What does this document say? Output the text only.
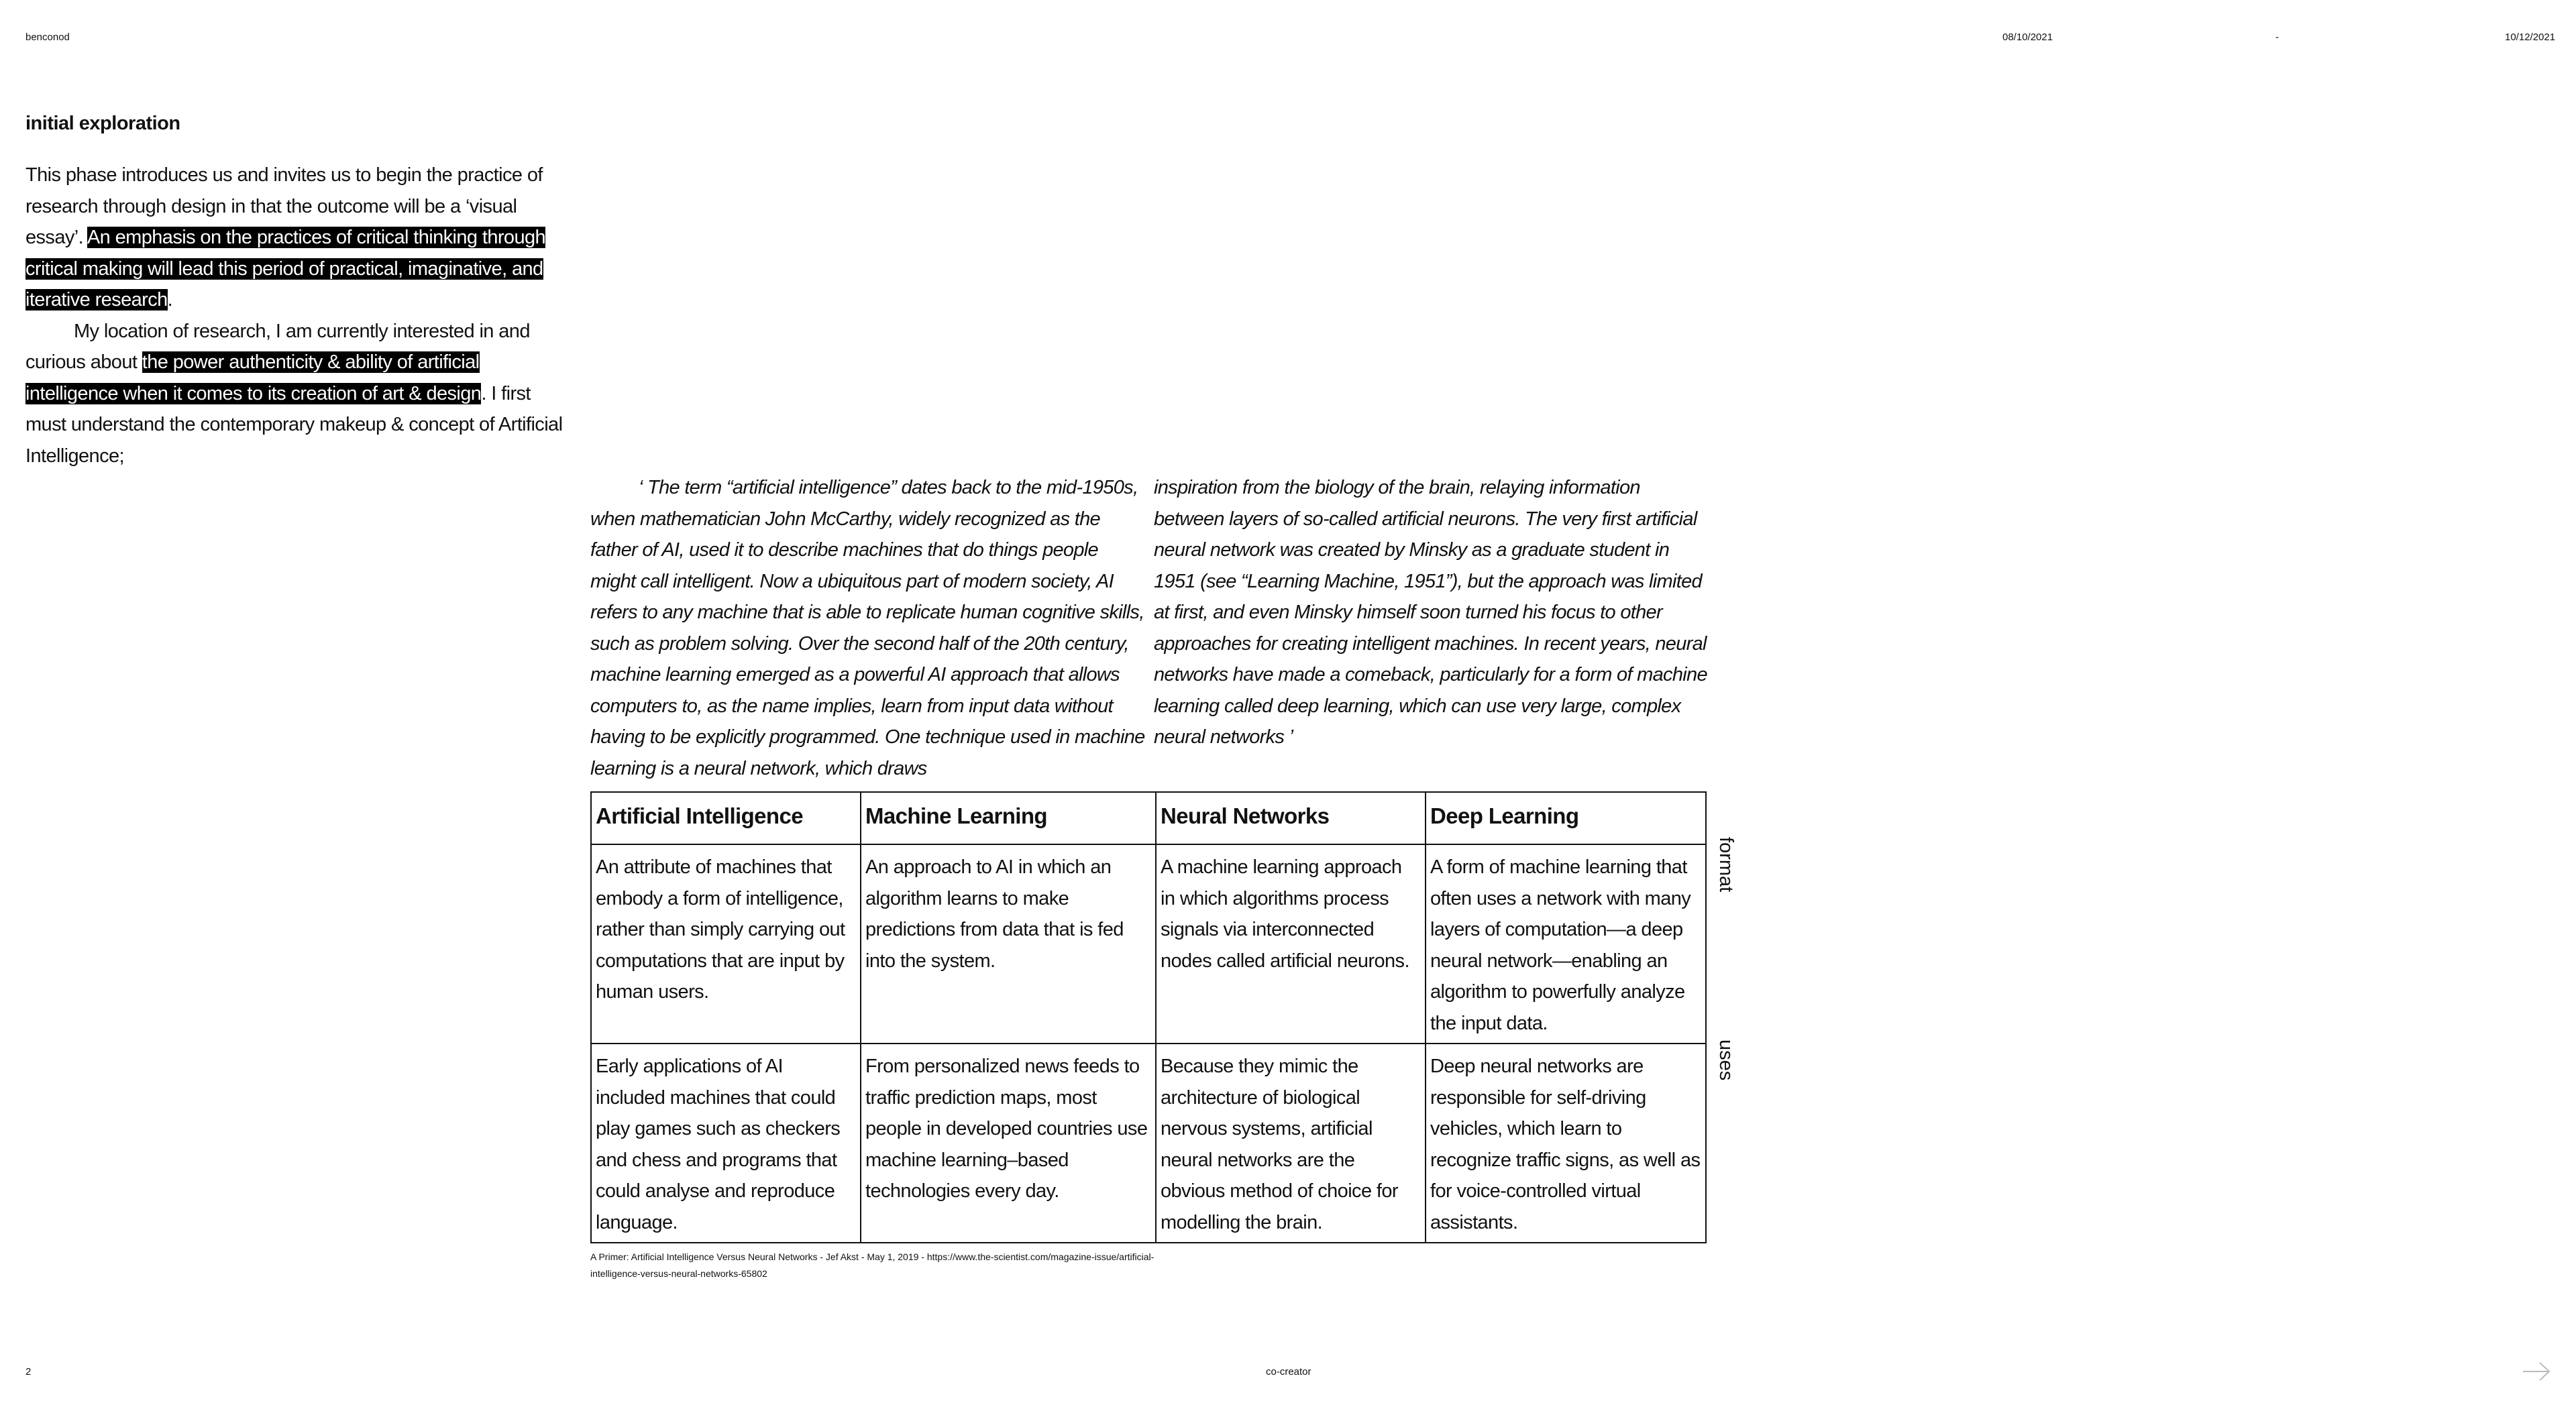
benconod	08/10/2021	-	10/12/2021
initial exploration
This phase introduces us and invites us to begin the practice of research through design in that the outcome will be a ‘visual essay’. An emphasis on the practices of critical thinking through critical making will lead this period of practical, imaginative, and iterative research.
My location of research, I am currently interested in and curious about the power authenticity & ability of artificial intelligence when it comes to its creation of art & design. I first must understand the contemporary makeup & concept of Artificial Intelligence;
‘ The term “artificial intelligence” dates back to the mid-1950s, when mathematician John McCarthy, widely recognized as the father of AI, used it to describe machines that do things people might call intelligent. Now a ubiquitous part of modern society, AI refers to any machine that is able to replicate human cognitive skills, such as problem solving. Over the second half of the 20th century, machine learning emerged as a powerful AI approach that allows computers to, as the name implies, learn from input data without having to be explicitly programmed. One technique used in machine learning is a neural network, which draws
inspiration from the biology of the brain, relaying information between layers of so-called artificial neurons. The very first artificial neural network was created by Minsky as a graduate student in 1951 (see “Learning Machine, 1951”), but the approach was limited at first, and even Minsky himself soon turned his focus to other approaches for creating intelligent machines. In recent years, neural networks have made a comeback, particularly for a form of machine learning called deep learning, which can use very large, complex neural networks ’
Artificial Intelligence	Machine Learning	Neural Networks	Deep Learning
An attribute of machines that embody a form of intelligence, rather than simply carrying out computations that are input by human users.	An approach to AI in which an algorithm learns to make predictions from data that is fed into the system.	A machine learning approach in which algorithms process signals via interconnected nodes called artificial neurons.	A form of machine learning that often uses a network with many layers of computation—a deep neural network—enabling an algorithm to powerfully analyze the input data.
Early applications of AI included machines that could play games such as checkers and chess and programs that could analyse and reproduce language.	From personalized news feeds to traffic prediction maps, most people in developed countries use machine learning–based technologies every day.	Because they mimic the architecture of biological nervous systems, artificial neural networks are the obvious method of choice for modelling the brain.	Deep neural networks are responsible for self-driving vehicles, which learn to recognize traffic signs, as well as for voice-controlled virtual assistants.
format
uses
A Primer: Artificial Intelligence Versus Neural Networks - Jef Akst - May 1, 2019 - https://www.the-scientist.com/magazine-issue/artificial-intelligence-versus-neural-networks-65802
2	co-creator
